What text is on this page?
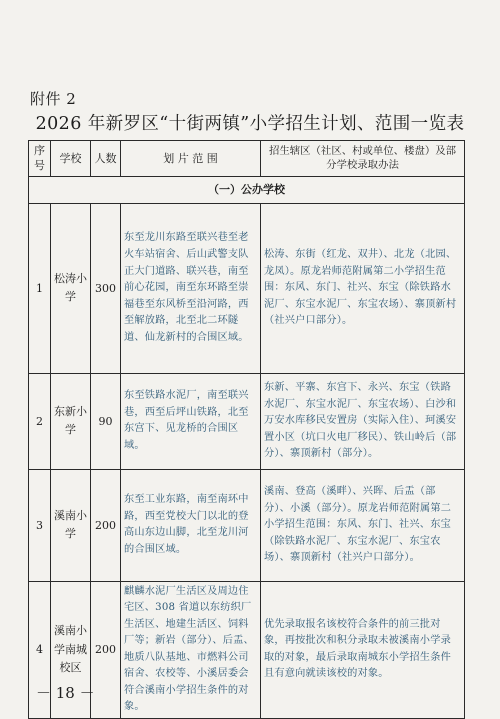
附件 2
2026 年新罗区“十街两镇”小学招生计划、范围一览表
序号	学校	人数	划 片 范 围	招生辖区（社区、村或单位、楼盘）及部分学校录取办法
（一）公办学校				
1	松涛小学	300	东至龙川东路至联兴巷至老火车站宿舍、后山武警支队正大门道路、联兴巷，南至前心花园，南至东环路至崇福巷至东风桥至沿河路，西至解放路，北至北二环隧道、仙龙新村的合围区域。	松涛、东街（红龙、双井）、北龙（北园、龙凤）。原龙岩师范附属第二小学招生范围：东风、东门、社兴、东宝（除铁路水泥厂、东宝水泥厂、东宝农场）、寨顶新村（社兴户口部分）。
2	东新小学	90	东至铁路水泥厂，南至联兴巷，西至后坪山铁路，北至东宫下、见龙桥的合围区域。	东新、平寨、东宫下、永兴、东宝（铁路水泥厂、东宝水泥厂、东宝农场）、白沙和万安水库移民安置房（实际入住）、珂溪安置小区（坑口火电厂移民）、铁山岭后（部分）、寨顶新村（部分）。
3	溪南小学	200	东至工业东路，南至南环中路，西至党校大门以北的登高山东边山脚，北至龙川河的合围区域。	溪南、登高（溪畔）、兴晖、后盂（部分）、小溪（部分）。原龙岩师范附属第二小学招生范围：东风、东门、社兴、东宝（除铁路水泥厂、东宝水泥厂、东宝农场）、寨顶新村（社兴户口部分）。
4	溪南小学南城校区	200	麒麟水泥厂生活区及周边住宅区、308 省道以东纺织厂生活区、地建生活区、饲料厂等；新岩（部分）、后盂、地质八队基地、市燃料公司宿舍、农校等、小溪居委会符合溪南小学招生条件的对象。	优先录取报名该校符合条件的前三批对象，再按批次和积分录取未被溪南小学录取的对象，最后录取南城东小学招生条件且有意向就读该校的对象。
－ 18 －
